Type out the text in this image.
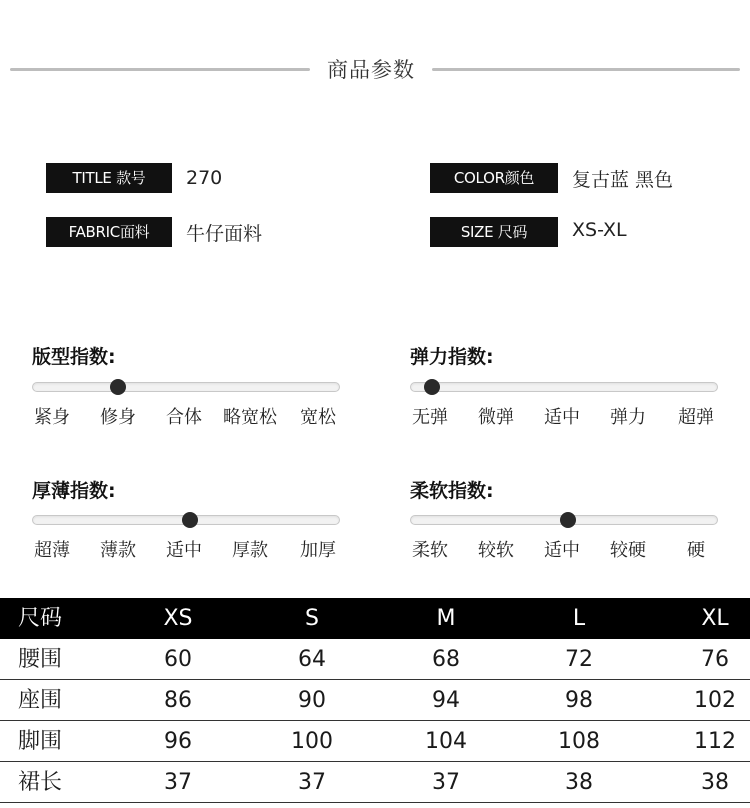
商品参数
TITLE 款号	270	COLOR颜色	复古蓝 黑色
FABRIC面料	牛仔面料	SIZE 尺码	XS-XL
版型指数:
紧身 修身 合体 略宽松 宽松
弹力指数:
无弹 微弹 适中 弹力 超弹
厚薄指数:
超薄 薄款 适中 厚款 加厚
柔软指数:
柔软 较软 适中 较硬 硬
尺码	XS	S	M	L	XL
腰围	60	64	68	72	76
座围	86	90	94	98	102
脚围	96	100	104	108	112
裙长	37	37	37	38	38
